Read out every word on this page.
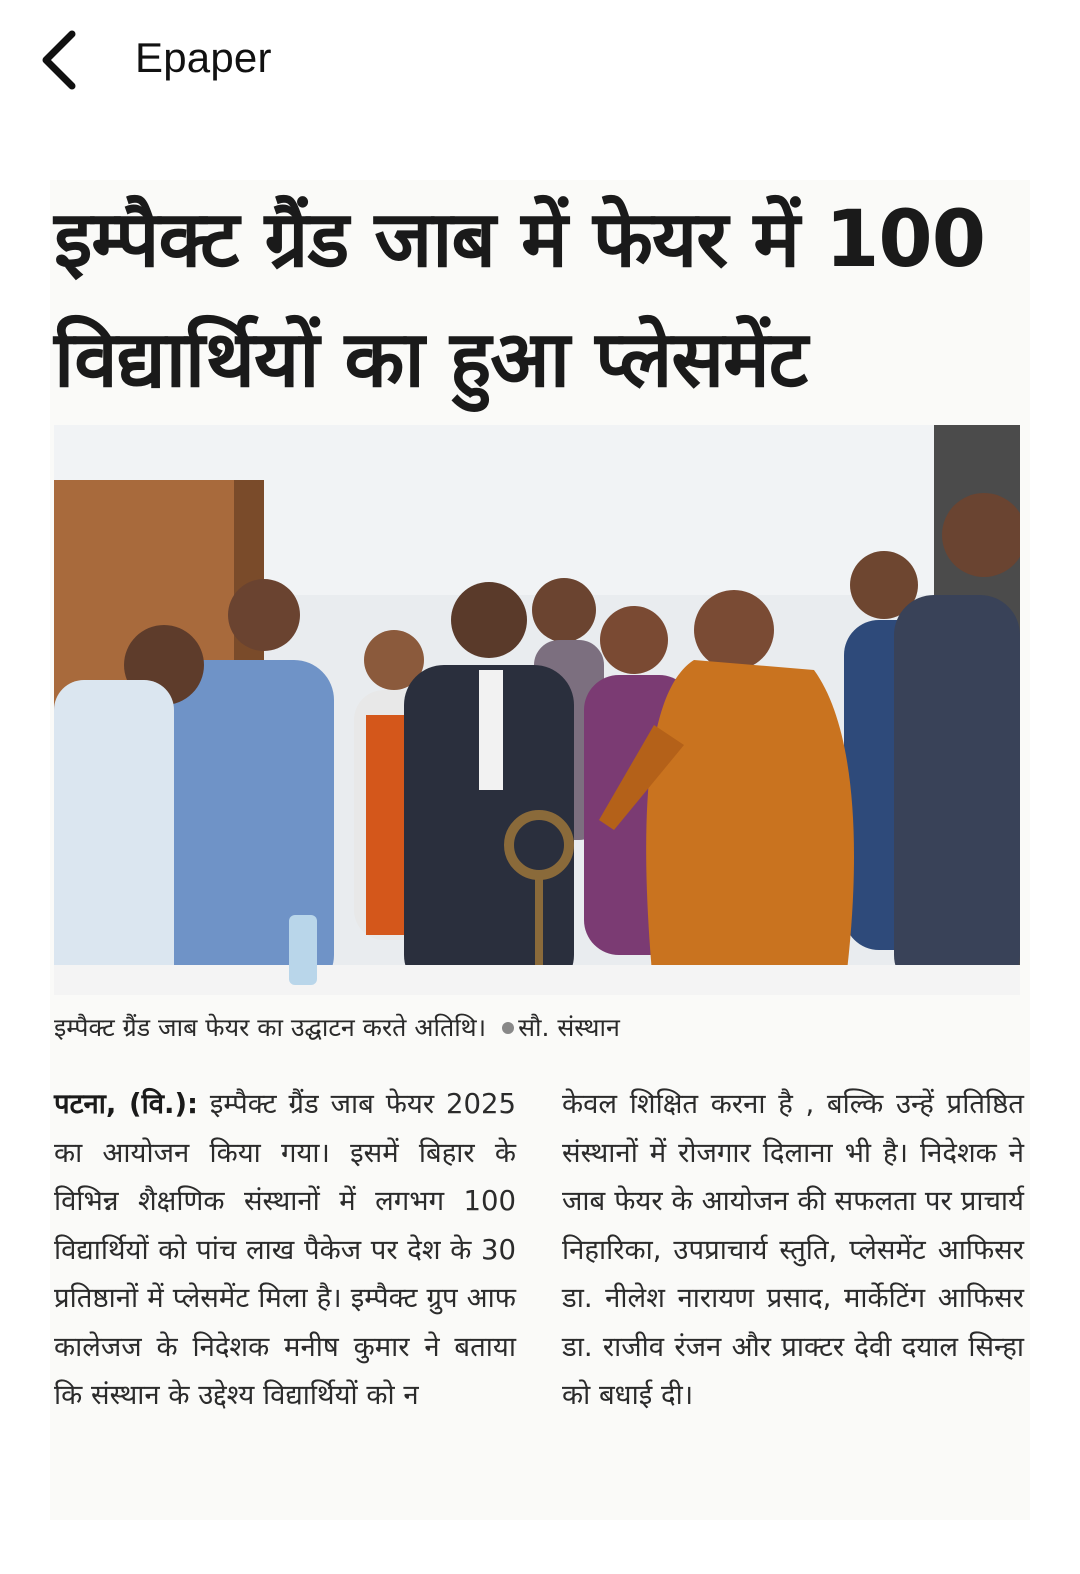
Epaper
इम्पैक्ट ग्रैंड जाब में फेयर में 100
विद्यार्थियों का हुआ प्लेसमेंट
इम्पैक्ट ग्रैंड जाब फेयर का उद्घाटन करते अतिथि। सौ. संस्थान
पटना, (वि.): इम्पैक्ट ग्रैंड जाब फेयर 2025 का आयोजन किया गया। इसमें बिहार के विभिन्न शैक्षणिक संस्थानों में लगभग 100 विद्यार्थियों को पांच लाख पैकेज पर देश के 30 प्रतिष्ठानों में प्लेसमेंट मिला है। इम्पैक्ट ग्रुप आफ कालेजज के निदेशक मनीष कुमार ने बताया कि संस्थान के उद्देश्य विद्यार्थियों को न
केवल शिक्षित करना है , बल्कि उन्हें प्रतिष्ठित संस्थानों में रोजगार दिलाना भी है। निदेशक ने जाब फेयर के आयोजन की सफलता पर प्राचार्य निहारिका, उपप्राचार्य स्तुति, प्लेसमेंट आफिसर डा. नीलेश नारायण प्रसाद, मार्केटिंग आफिसर डा. राजीव रंजन और प्राक्टर देवी दयाल सिन्हा को बधाई दी।
